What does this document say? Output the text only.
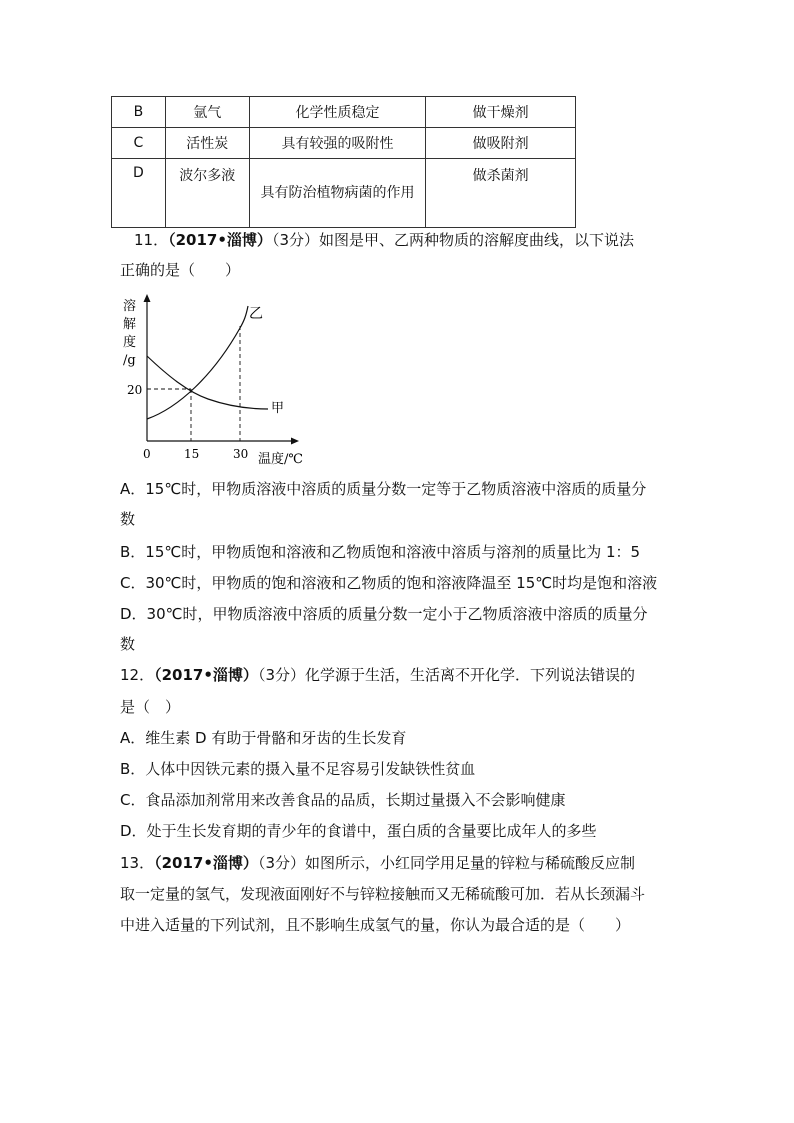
B	氩气	化学性质稳定	做干燥剂
C	活性炭	具有较强的吸附性	做吸附剂
D	波尔多液	具有防治植物病菌的作用	做杀菌剂
11．（2017•淄博）（3分）如图是甲、乙两种物质的溶解度曲线，以下说法
正确的是（　　）
溶
解
度
/g
20
0	15	30 温度/℃
甲
乙
A．15℃时，甲物质溶液中溶质的质量分数一定等于乙物质溶液中溶质的质量分
数
B．15℃时，甲物质饱和溶液和乙物质饱和溶液中溶质与溶剂的质量比为 1：5
C．30℃时，甲物质的饱和溶液和乙物质的饱和溶液降温至 15℃时均是饱和溶液
D．30℃时，甲物质溶液中溶质的质量分数一定小于乙物质溶液中溶质的质量分
数
12．（2017•淄博）（3分）化学源于生活，生活离不开化学．下列说法错误的
是（　）
A．维生素 D 有助于骨骼和牙齿的生长发育
B．人体中因铁元素的摄入量不足容易引发缺铁性贫血
C．食品添加剂常用来改善食品的品质，长期过量摄入不会影响健康
D．处于生长发育期的青少年的食谱中，蛋白质的含量要比成年人的多些
13．（2017•淄博）（3分）如图所示，小红同学用足量的锌粒与稀硫酸反应制
取一定量的氢气，发现液面刚好不与锌粒接触而又无稀硫酸可加．若从长颈漏斗
中进入适量的下列试剂，且不影响生成氢气的量，你认为最合适的是（　　）
